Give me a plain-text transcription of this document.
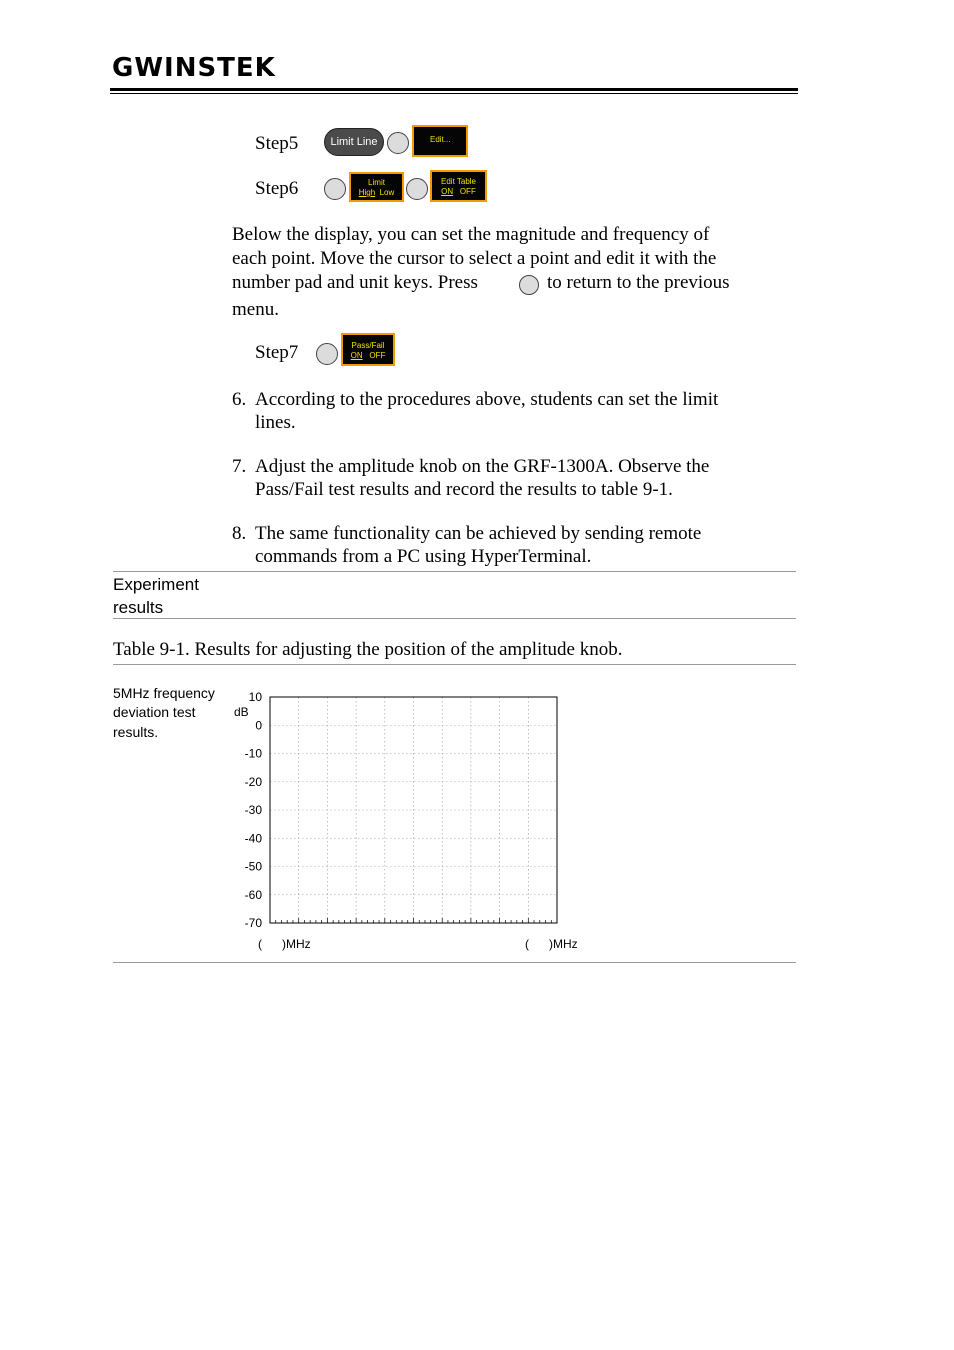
GWINSTEK
Step5	Limit Line	Edit...
Step6	Limit
High Low
Edit Table
ON OFF
Below the display, you can set the magnitude and frequency of
each point. Move the cursor to select a point and edit it with the
number pad and unit keys. Press	to return to the previous
menu.
Step7	Pass/Fail
ON OFF
6. According to the procedures above, students can set the limit
lines.
7. Adjust the amplitude knob on the GRF-1300A. Observe the
Pass/Fail test results and record the results to table 9-1.
8. The same functionality can be achieved by sending remote
commands from a PC using HyperTerminal.
Experiment
results
Table 9-1. Results for adjusting the position of the amplitude knob.
5MHz frequency
deviation test
results.
10
0
-10
-20
-30
-40
-50
-60
-70
dB
(      )MHz	(      )MHz
